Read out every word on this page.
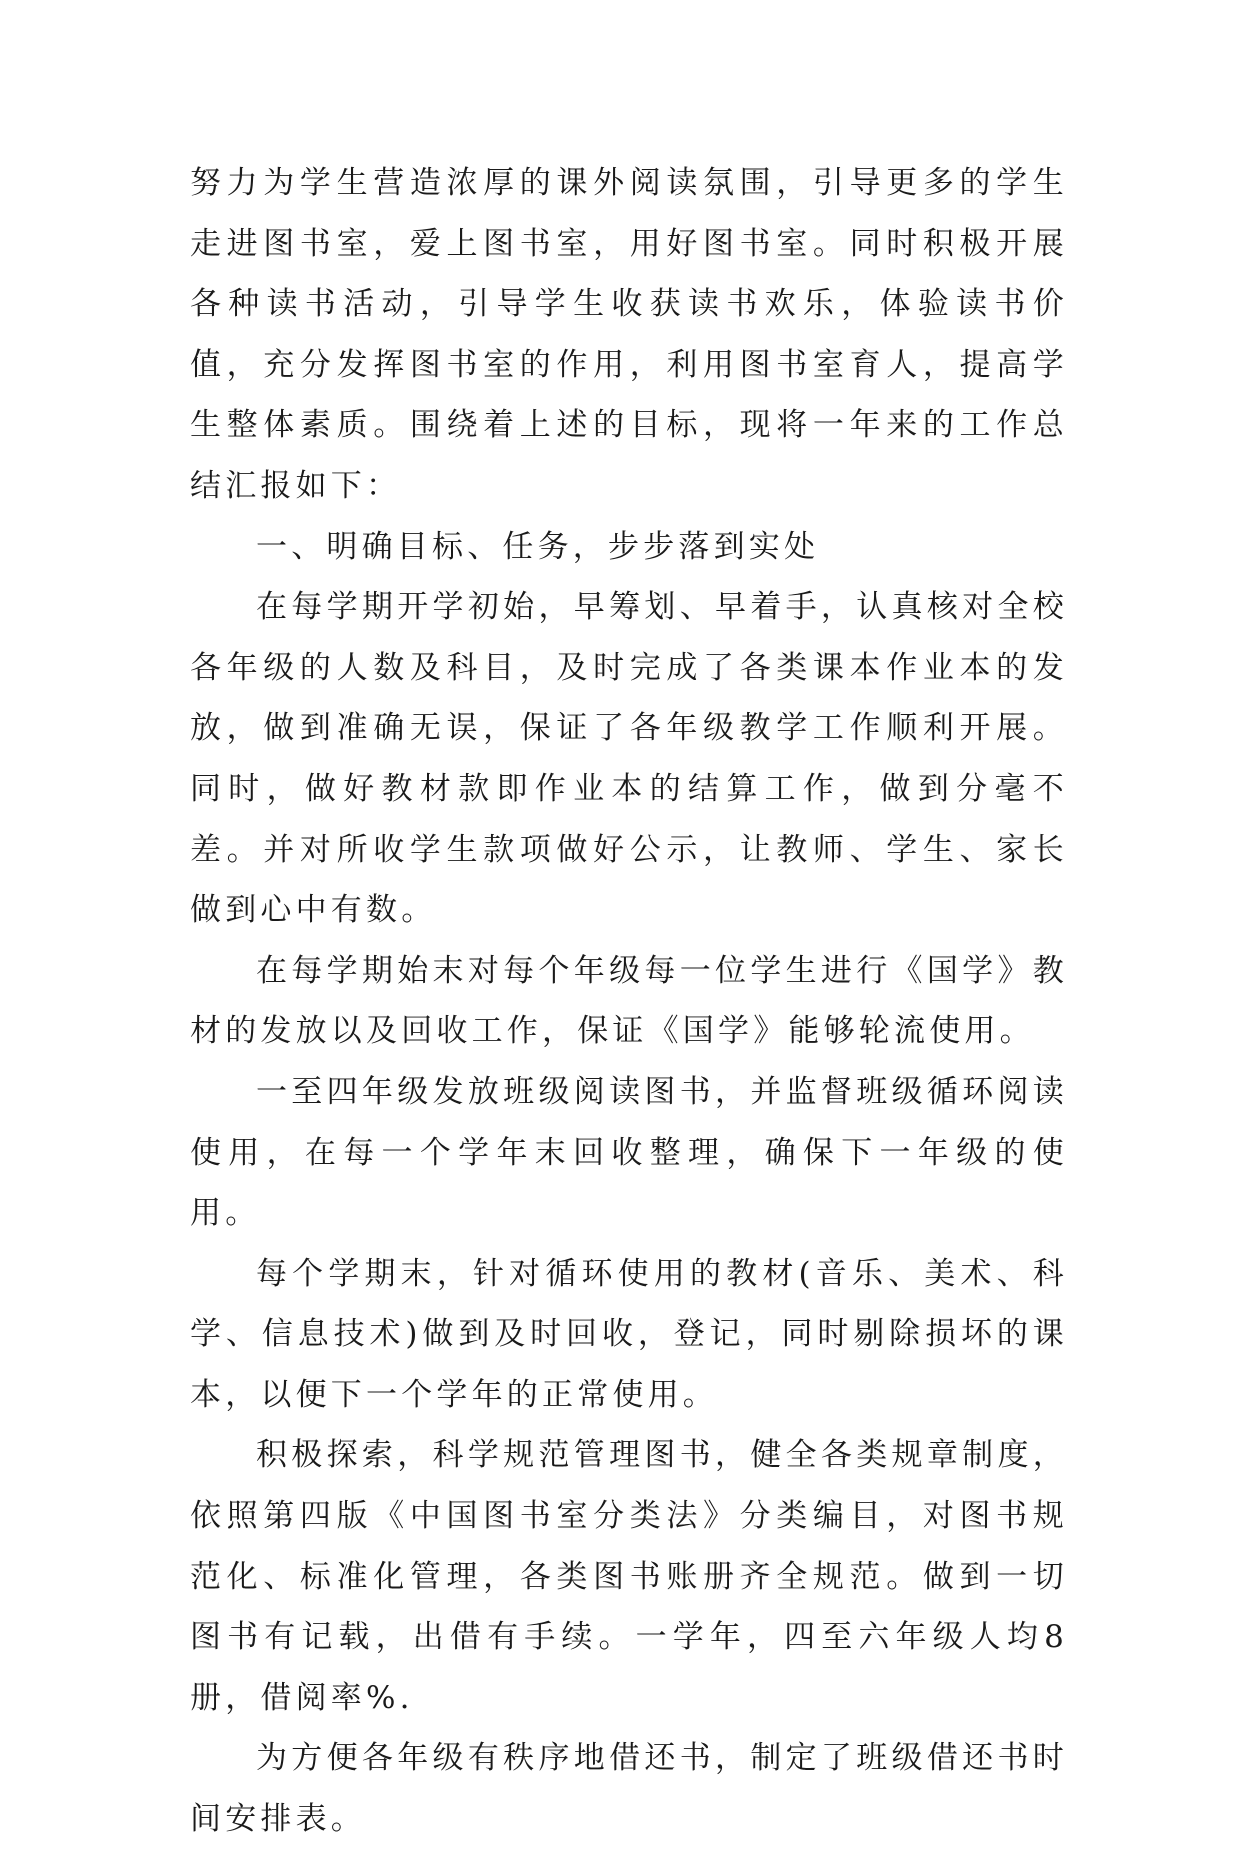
努力为学生营造浓厚的课外阅读氛围，引导更多的学生走进图书室，爱上图书室，用好图书室。同时积极开展各种读书活动，引导学生收获读书欢乐，体验读书价值，充分发挥图书室的作用，利用图书室育人，提高学生整体素质。围绕着上述的目标，现将一年来的工作总结汇报如下：

一、明确目标、任务，步步落到实处

在每学期开学初始，早筹划、早着手，认真核对全校各年级的人数及科目，及时完成了各类课本作业本的发放，做到准确无误，保证了各年级教学工作顺利开展。同时，做好教材款即作业本的结算工作，做到分毫不差。并对所收学生款项做好公示，让教师、学生、家长做到心中有数。

在每学期始末对每个年级每一位学生进行《国学》教材的发放以及回收工作，保证《国学》能够轮流使用。

一至四年级发放班级阅读图书，并监督班级循环阅读使用，在每一个学年末回收整理，确保下一年级的使用。

每个学期末，针对循环使用的教材(音乐、美术、科学、信息技术)做到及时回收，登记，同时剔除损坏的课本，以便下一个学年的正常使用。

积极探索，科学规范管理图书，健全各类规章制度，依照第四版《中国图书室分类法》分类编目，对图书规范化、标准化管理，各类图书账册齐全规范。做到一切图书有记载，出借有手续。一学年，四至六年级人均8册，借阅率%.

为方便各年级有秩序地借还书，制定了班级借还书时间安排表。
